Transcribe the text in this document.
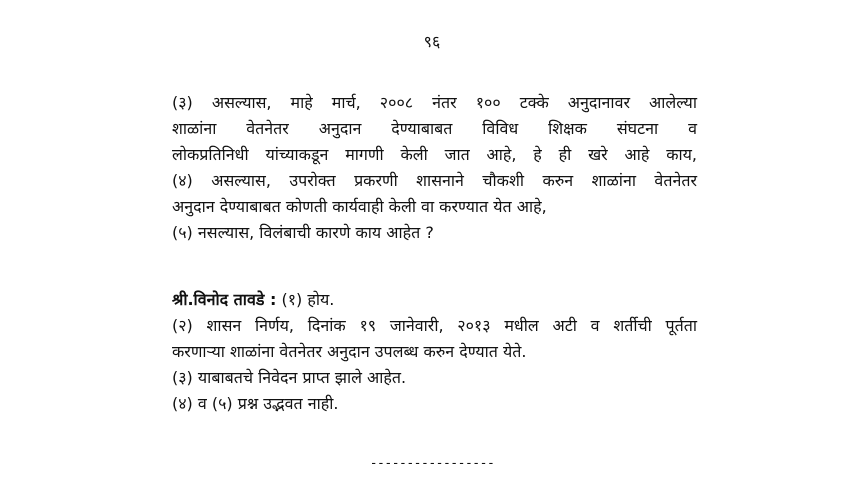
९६
(३) असल्यास, माहे मार्च, २००८ नंतर १०० टक्के अनुदानावर आलेल्या
शाळांना वेतनेतर अनुदान देण्याबाबत विविध शिक्षक संघटना व
लोकप्रतिनिधी यांच्याकडून मागणी केली जात आहे, हे ही खरे आहे काय,
(४) असल्यास, उपरोक्त प्रकरणी शासनाने चौकशी करुन शाळांना वेतनेतर
अनुदान देण्याबाबत कोणती कार्यवाही केली वा करण्यात येत आहे,
(५) नसल्यास, विलंबाची कारणे काय आहेत ?
श्री.विनोद तावडे : (१) होय.
(२) शासन निर्णय, दिनांक १९ जानेवारी, २०१३ मधील अटी व शर्तीची पूर्तता
करणाऱ्या शाळांना वेतनेतर अनुदान उपलब्ध करुन देण्यात येते.
(३) याबाबतचे निवेदन प्राप्त झाले आहेत.
(४) व (५) प्रश्न उद्भवत नाही.
-----------------
